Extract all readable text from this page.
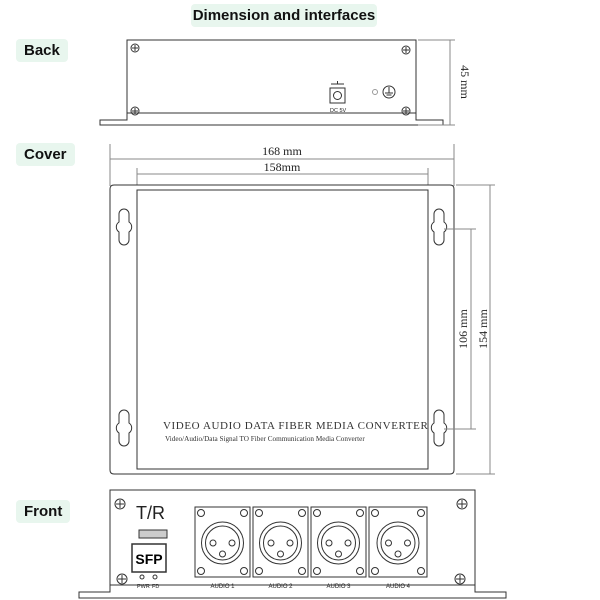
Dimension and interfaces
Back
Cover
Front
DC 5V
45 mm
168 mm
158mm
106 mm 154 mm
VIDEO AUDIO DATA FIBER MEDIA CONVERTER
Video/Audio/Data Signal TO Fiber Communication Media Converter
T/R
SFP
PWR FD	AUDIO 1	AUDIO 2	AUDIO 3	AUDIO 4
